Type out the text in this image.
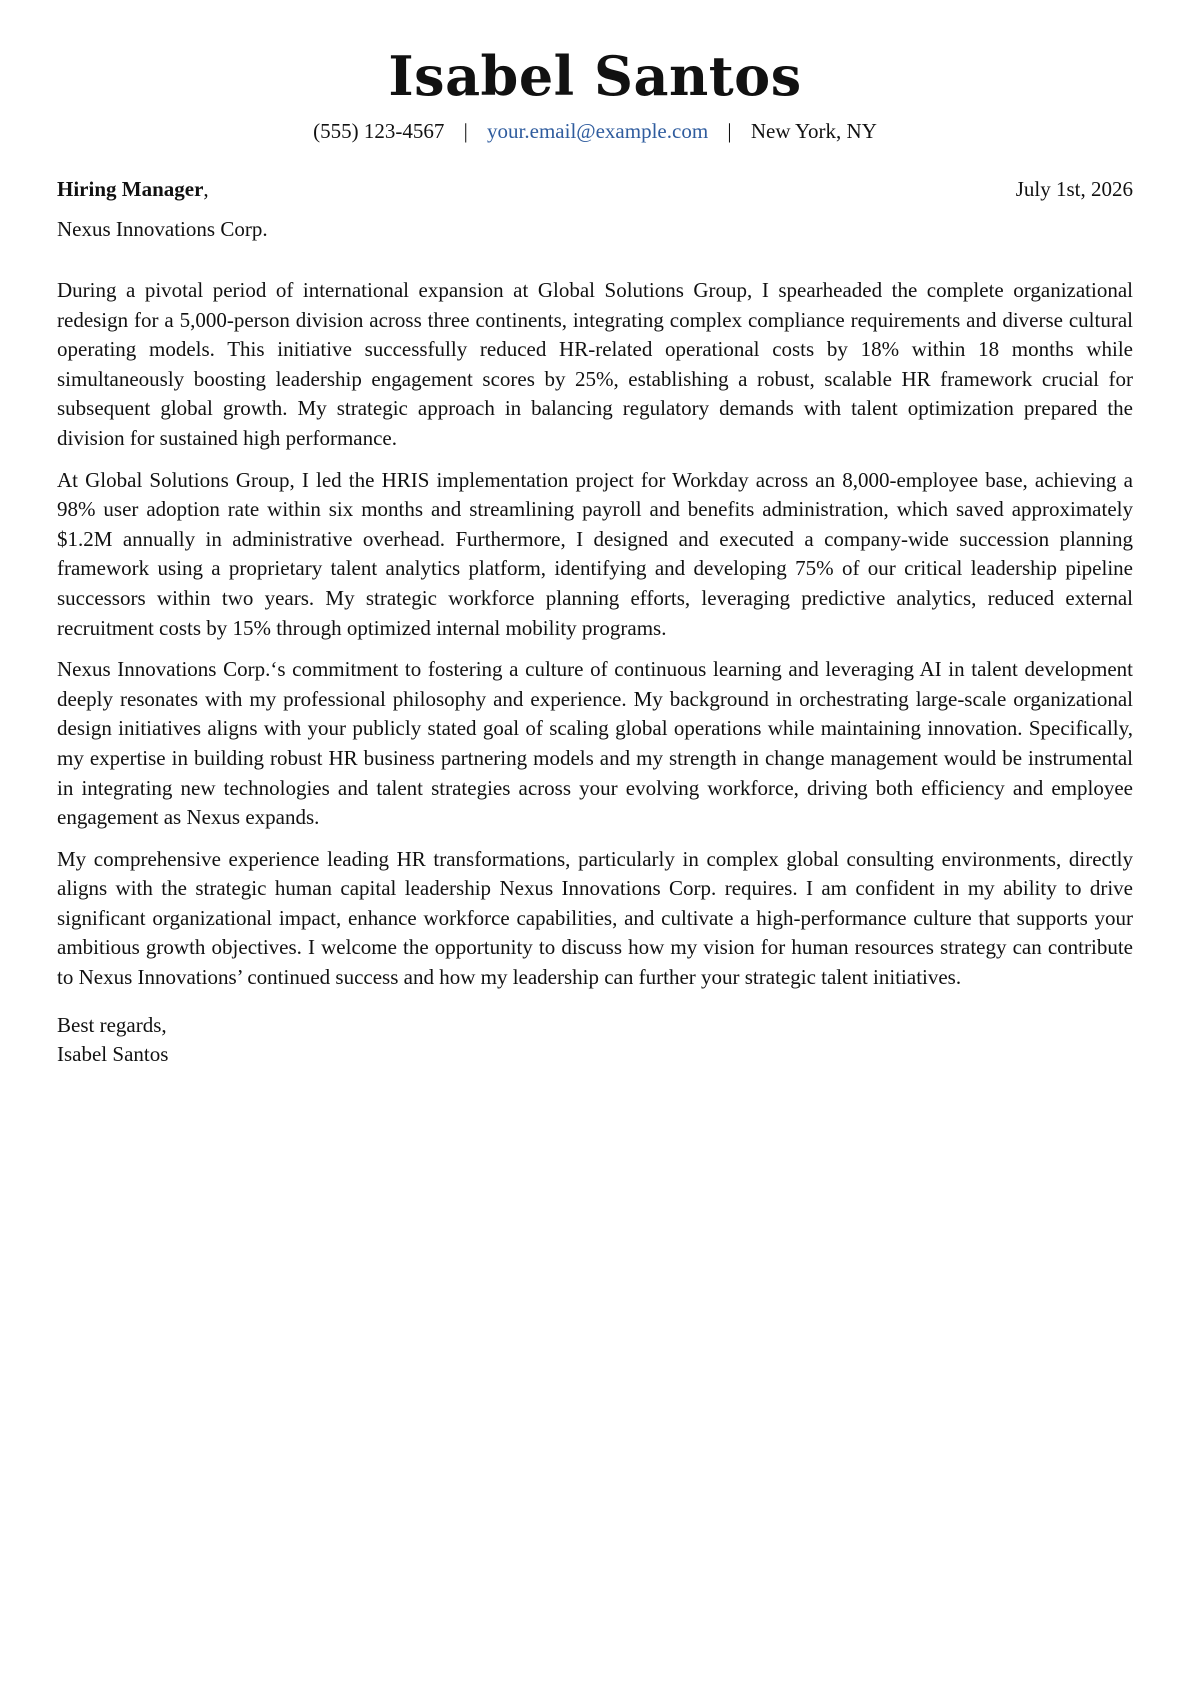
Isabel Santos
(555) 123-4567 | your.email@example.com | New York, NY
Hiring Manager,	July 1st, 2026
Nexus Innovations Corp.

During a pivotal period of international expansion at Global Solutions Group, I spearheaded the complete organizational redesign for a 5,000-person division across three continents, integrating complex compliance requirements and diverse cultural operating models. This initiative successfully reduced HR-related operational costs by 18% within 18 months while simultaneously boosting leadership engagement scores by 25%, establishing a robust, scalable HR framework crucial for subsequent global growth. My strategic approach in balancing regulatory demands with talent optimization prepared the division for sustained high performance.

At Global Solutions Group, I led the HRIS implementation project for Workday across an 8,000-employee base, achieving a 98% user adoption rate within six months and streamlining payroll and benefits administration, which saved approximately $1.2M annually in administrative overhead. Furthermore, I designed and executed a company-wide succession planning framework using a proprietary talent analytics platform, identifying and developing 75% of our critical leadership pipeline successors within two years. My strategic workforce planning efforts, leveraging predictive analytics, reduced external recruitment costs by 15% through optimized internal mobility programs.

Nexus Innovations Corp.‘s commitment to fostering a culture of continuous learning and leveraging AI in talent development deeply resonates with my professional philosophy and experience. My background in orchestrating large-scale organizational design initiatives aligns with your publicly stated goal of scaling global operations while maintaining innovation. Specifically, my expertise in building robust HR business partnering models and my strength in change management would be instrumental in integrating new technologies and talent strategies across your evolving workforce, driving both efficiency and employee engagement as Nexus expands.

My comprehensive experience leading HR transformations, particularly in complex global consulting environments, directly aligns with the strategic human capital leadership Nexus Innovations Corp. requires. I am confident in my ability to drive significant organizational impact, enhance workforce capabilities, and cultivate a high-performance culture that supports your ambitious growth objectives. I welcome the opportunity to discuss how my vision for human resources strategy can contribute to Nexus Innovations’ continued success and how my leadership can further your strategic talent initiatives.

Best regards,
Isabel Santos
